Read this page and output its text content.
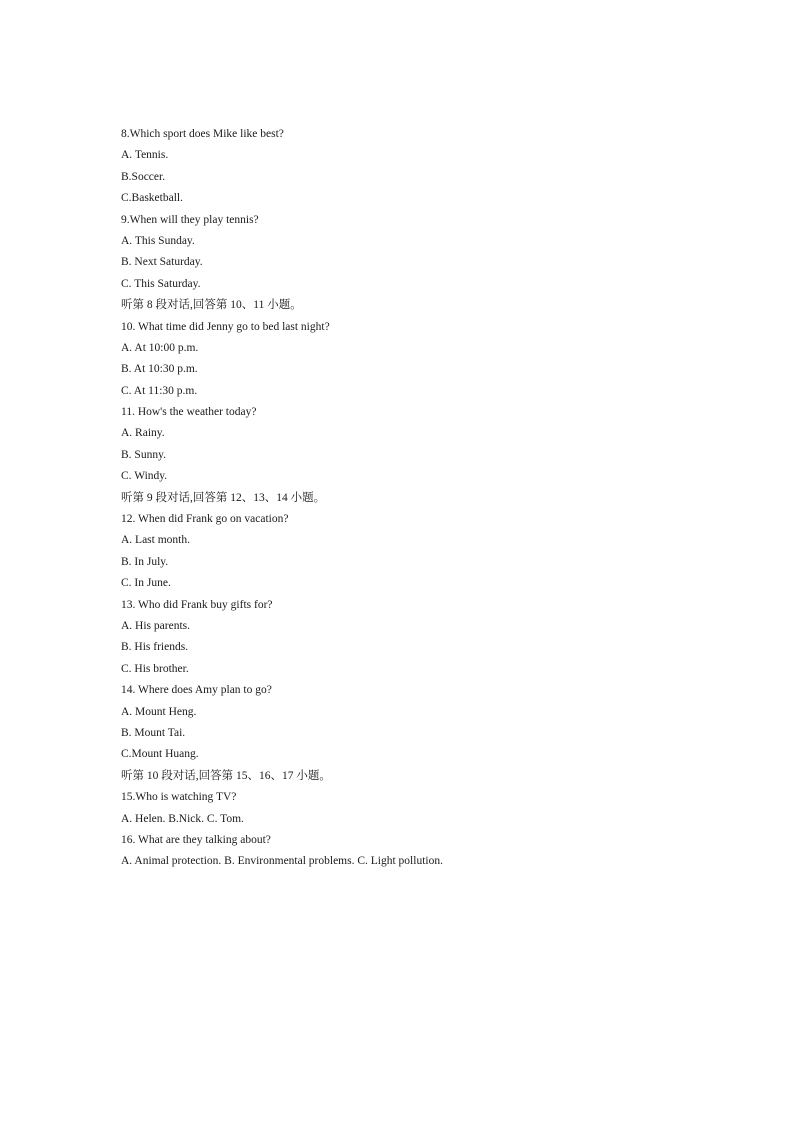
8.Which sport does Mike like best?
A. Tennis.
B.Soccer.
C.Basketball.
9.When will they play tennis?
A. This Sunday.
B. Next Saturday.
C. This Saturday.
听第 8 段对话,回答第 10、11 小题。
10. What time did Jenny go to bed last night?
A. At 10:00 p.m.
B. At 10:30 p.m.
C. At 11:30 p.m.
11. How's the weather today?
A. Rainy.
B. Sunny.
C. Windy.
听第 9 段对话,回答第 12、13、14 小题。
12. When did Frank go on vacation?
A. Last month.
B. In July.
C. In June.
13. Who did Frank buy gifts for?
A. His parents.
B. His friends.
C. His brother.
14. Where does Amy plan to go?
A. Mount Heng.
B. Mount Tai.
C.Mount Huang.
听第 10 段对话,回答第 15、16、17 小题。
15.Who is watching TV?
A. Helen. B.Nick. C. Tom.
16. What are they talking about?
A. Animal protection. B. Environmental problems. C. Light pollution.
